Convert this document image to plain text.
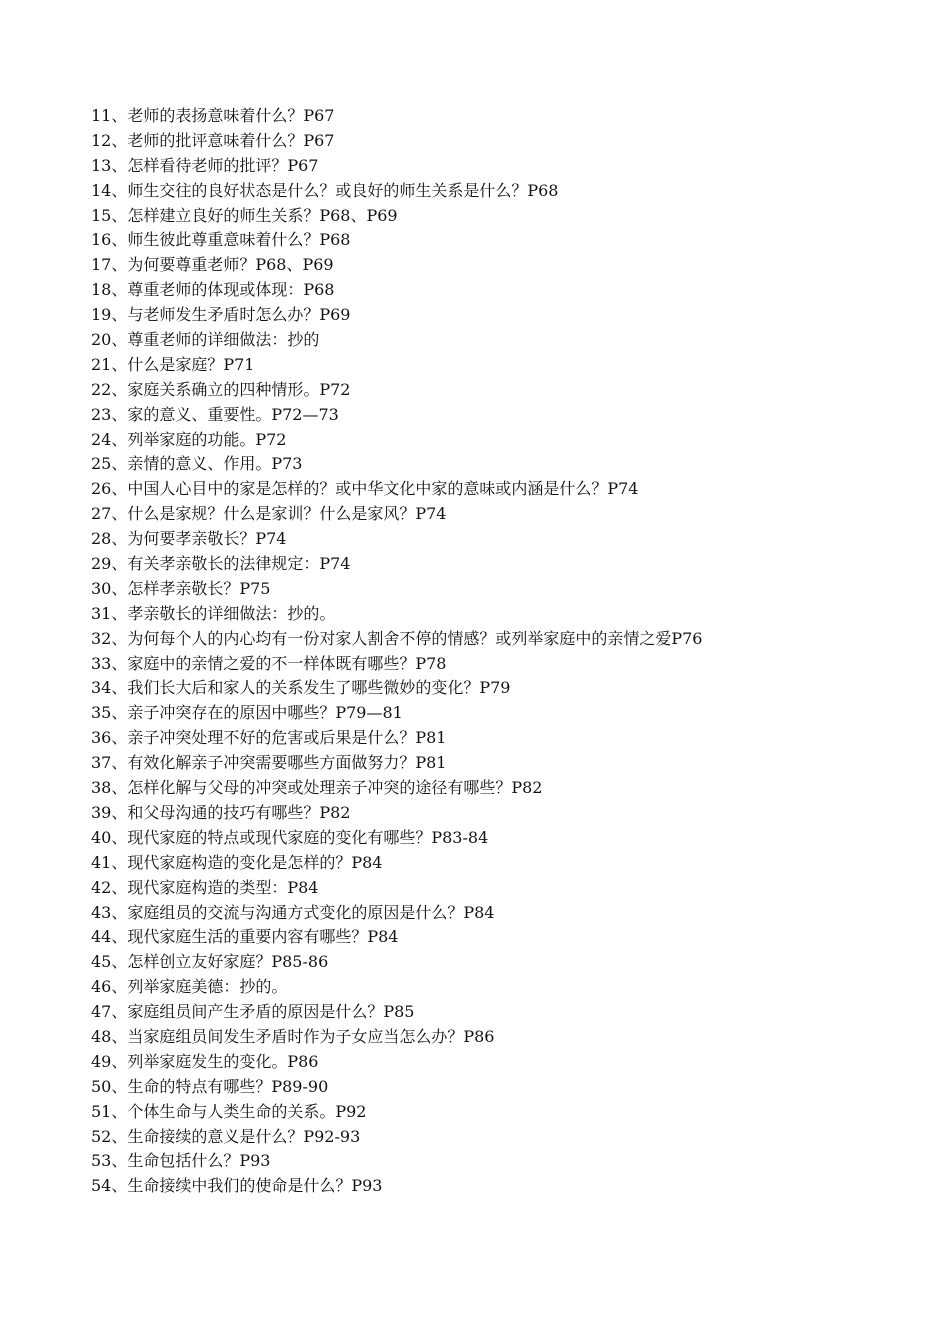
11、老师的表扬意味着什么？P67
12、老师的批评意味着什么？P67
13、怎样看待老师的批评？P67
14、师生交往的良好状态是什么？或良好的师生关系是什么？P68
15、怎样建立良好的师生关系？P68、P69
16、师生彼此尊重意味着什么？P68
17、为何要尊重老师？P68、P69
18、尊重老师的体现或体现：P68
19、与老师发生矛盾时怎么办？P69
20、尊重老师的详细做法：抄的
21、什么是家庭？P71
22、家庭关系确立的四种情形。P72
23、家的意义、重要性。P72—73
24、列举家庭的功能。P72
25、亲情的意义、作用。P73
26、中国人心目中的家是怎样的？或中华文化中家的意味或内涵是什么？P74
27、什么是家规？什么是家训？什么是家风？P74
28、为何要孝亲敬长？P74
29、有关孝亲敬长的法律规定：P74
30、怎样孝亲敬长？P75
31、孝亲敬长的详细做法：抄的。
32、为何每个人的内心均有一份对家人割舍不停的情感？或列举家庭中的亲情之爱P76
33、家庭中的亲情之爱的不一样体既有哪些？P78
34、我们长大后和家人的关系发生了哪些微妙的变化？P79
35、亲子冲突存在的原因中哪些？P79—81
36、亲子冲突处理不好的危害或后果是什么？P81
37、有效化解亲子冲突需要哪些方面做努力？P81
38、怎样化解与父母的冲突或处理亲子冲突的途径有哪些？P82
39、和父母沟通的技巧有哪些？P82
40、现代家庭的特点或现代家庭的变化有哪些？P83-84
41、现代家庭构造的变化是怎样的？P84
42、现代家庭构造的类型：P84
43、家庭组员的交流与沟通方式变化的原因是什么？P84
44、现代家庭生活的重要内容有哪些？P84
45、怎样创立友好家庭？P85-86
46、列举家庭美德：抄的。
47、家庭组员间产生矛盾的原因是什么？P85
48、当家庭组员间发生矛盾时作为子女应当怎么办？P86
49、列举家庭发生的变化。P86
50、生命的特点有哪些？P89-90
51、个体生命与人类生命的关系。P92
52、生命接续的意义是什么？P92-93
53、生命包括什么？P93
54、生命接续中我们的使命是什么？P93
